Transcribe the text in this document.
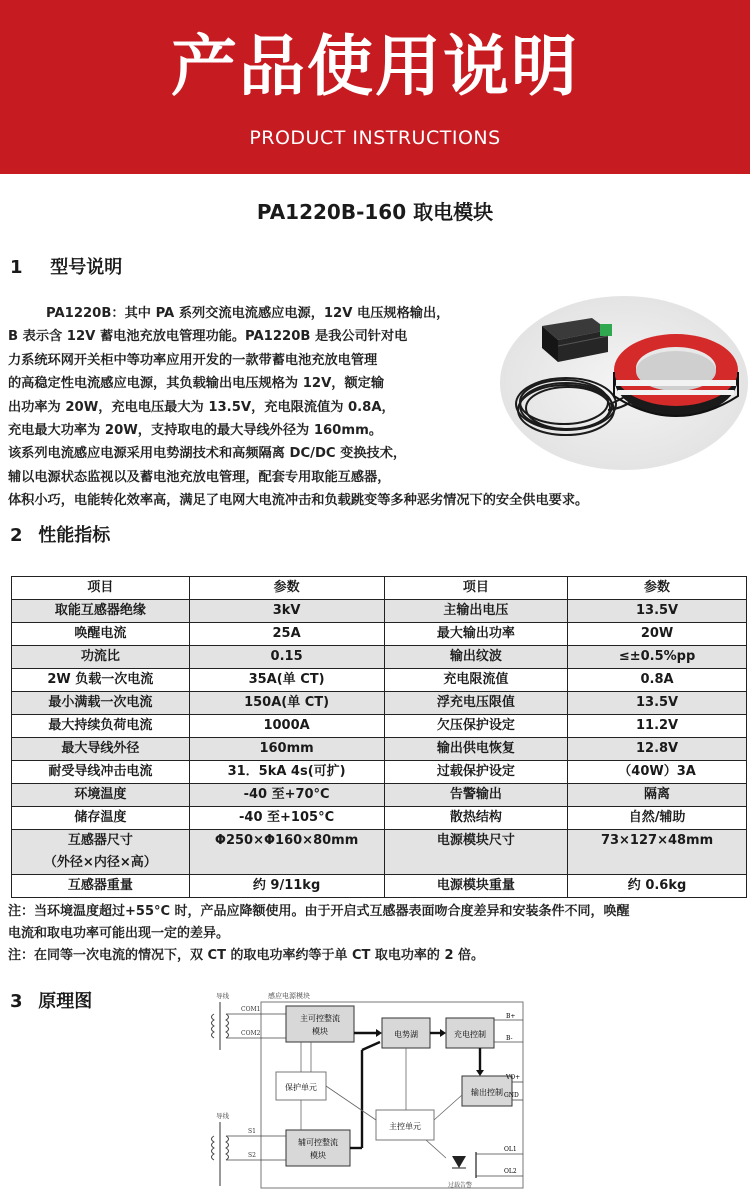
产品使用说明
PRODUCT INSTRUCTIONS
PA1220B-160 取电模块
1 型号说明

PA1220B：其中 PA 系列交流电流感应电源，12V 电压规格输出，

B 表示含 12V 蓄电池充放电管理功能。PA1220B 是我公司针对电

力系统环网开关柜中等功率应用开发的一款带蓄电池充放电管理

的高稳定性电流感应电源，其负载输出电压规格为 12V，额定输

出功率为 20W，充电电压最大为 13.5V，充电限流值为 0.8A，

充电最大功率为 20W，支持取电的最大导线外径为 160mm。

该系列电流感应电源采用电势湖技术和高频隔离 DC/DC 变换技术，

辅以电源状态监视以及蓄电池充放电管理，配套专用取能互感器，

体积小巧，电能转化效率高，满足了电网大电流冲击和负载跳变等多种恶劣情况下的安全供电要求。

2 性能指标
项目	参数	项目	参数
取能互感器绝缘	3kV	主输出电压	13.5V
唤醒电流	25A	最大输出功率	20W
功流比	0.15	输出纹波	≤±0.5%pp
2W 负载一次电流	35A(单 CT)	充电限流值	0.8A
最小满载一次电流	150A(单 CT)	浮充电压限值	13.5V
最大持续负荷电流	1000A	欠压保护设定	11.2V
最大导线外径	160mm	输出供电恢复	12.8V
耐受导线冲击电流	31．5kA 4s(可扩)	过载保护设定	（40W）3A
环境温度	-40 至+70°C	告警输出	隔离
储存温度	-40 至+105°C	散热结构	自然/辅助

互感器尺寸
（外径×内径×高）	Φ250×Φ160×80mm	电源模块尺寸	73×127×48mm
互感器重量	约 9/11kg	电源模块重量	约 0.6kg

注：当环境温度超过+55°C 时，产品应降额使用。由于开启式互感器表面吻合度差异和安装条件不同，唤醒

电流和取电功率可能出现一定的差异。

注：在同等一次电流的情况下，双 CT 的取电功率约等于单 CT 取电功率的 2 倍。

3 原理图	感应电源模块
导线
COM1
COM2
主可控整流
模块	电势湖	充电控制
输出控制
保护单元
主控单元
辅可控整流
模块
导线
S1
S2
B+
B-
VO+
GND
OL1
OL2
过载告警
